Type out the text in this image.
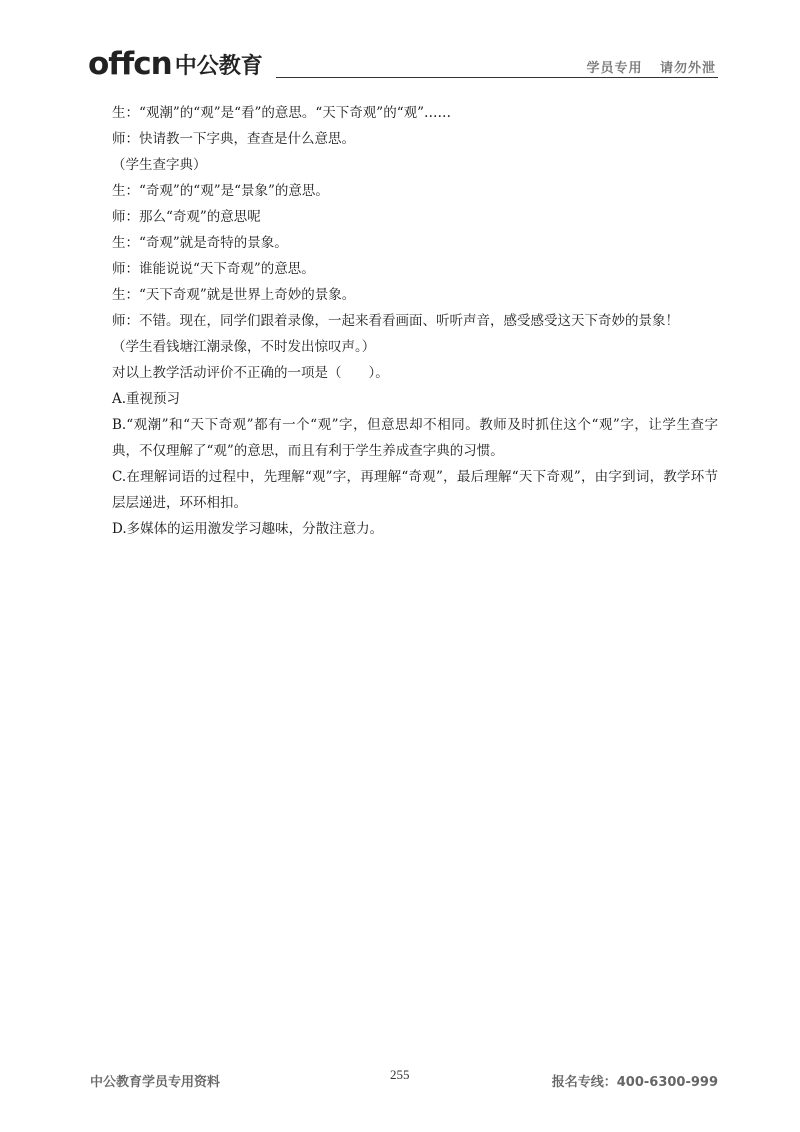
offcn 中公教育	学员专用 请勿外泄

生：“观潮”的“观”是“看”的意思。“天下奇观”的“观”……

师：快请教一下字典，查查是什么意思。

（学生查字典）

生：“奇观”的“观”是“景象”的意思。

师：那么“奇观”的意思呢

生：“奇观”就是奇特的景象。

师：谁能说说“天下奇观”的意思。

生：“天下奇观”就是世界上奇妙的景象。

师：不错。现在，同学们跟着录像，一起来看看画面、听听声音，感受感受这天下奇妙的景象！

（学生看钱塘江潮录像，不时发出惊叹声。）

对以上教学活动评价不正确的一项是（　　）。

A.重视预习

B.“观潮”和“天下奇观”都有一个“观”字，但意思却不相同。教师及时抓住这个“观”字，让学生查字典，不仅理解了“观”的意思，而且有利于学生养成查字典的习惯。

C.在理解词语的过程中，先理解“观”字，再理解“奇观”，最后理解“天下奇观”，由字到词，教学环节层层递进，环环相扣。

D.多媒体的运用激发学习趣味，分散注意力。

中公教育学员专用资料
255
报名专线：400-6300-999
